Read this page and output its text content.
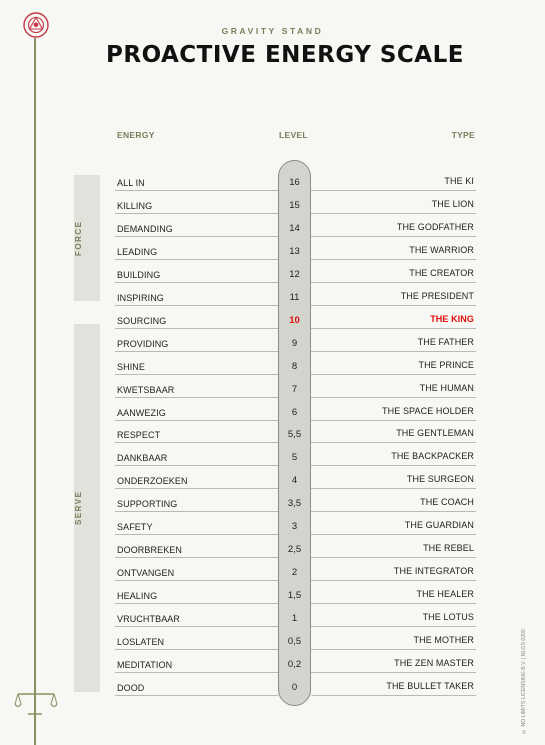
GRAVITY STAND
PROACTIVE ENERGY SCALE
ENERGY	LEVEL	TYPE
FORCE
SERVE
ALL IN	16	THE KI
KILLING	15	THE LION
DEMANDING	14	THE GODFATHER
LEADING	13	THE WARRIOR
BUILDING	12	THE CREATOR
INSPIRING	11	THE PRESIDENT
SOURCING	10	THE KING
PROVIDING	9	THE FATHER
SHINE	8	THE PRINCE
KWETSBAAR	7	THE HUMAN
AANWEZIG	6	THE SPACE HOLDER
RESPECT	5,5	THE GENTLEMAN
DANKBAAR	5	THE BACKPACKER
ONDERZOEKEN	4	THE SURGEON
SUPPORTING	3,5	THE COACH
SAFETY	3	THE GUARDIAN
DOORBREKEN	2,5	THE REBEL
ONTVANGEN	2	THE INTEGRATOR
HEALING	1,5	THE HEALER
VRUCHTBAAR	1	THE LOTUS
LOSLATEN	0,5	THE MOTHER
MEDITATION	0,2	THE ZEN MASTER
DOOD	0	THE BULLET TAKER	© NO LIMITS LICENSING B.V. | NLGS 0200
